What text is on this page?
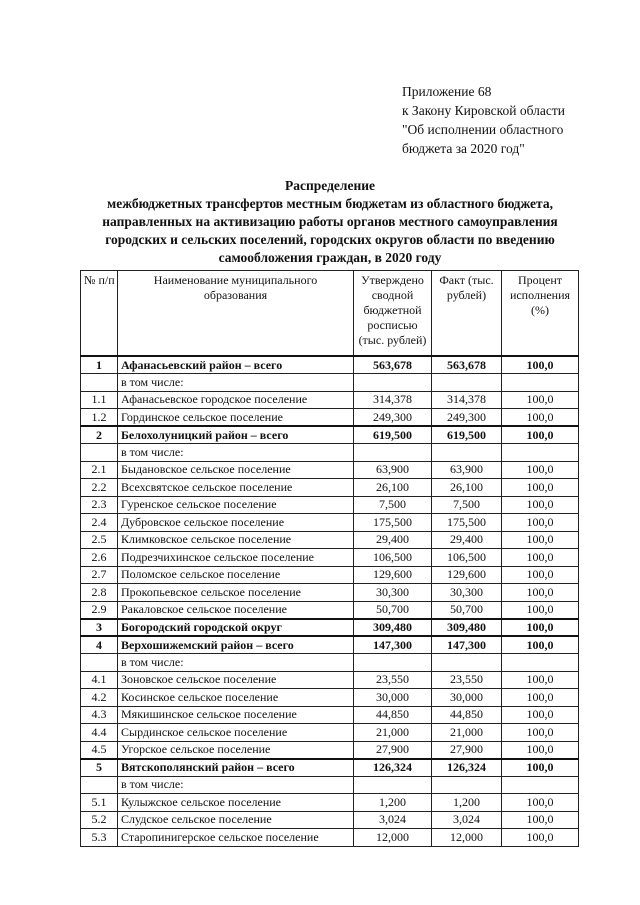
Приложение 68
к Закону Кировской области
"Об исполнении областного
бюджета за 2020 год"
Распределение
межбюджетных трансфертов местным бюджетам из областного бюджета,
направленных на активизацию работы органов местного самоуправления
городских и сельских поселений, городских округов области по введению
самообложения граждан, в 2020 году
№ п/п	Наименование муниципального образования	Утверждено сводной бюджетной росписью (тыс. рублей)	Факт (тыс. рублей)	Процент исполнения (%)
1	Афанасьевский район – всего	563,678	563,678	100,0
	в том числе:			
1.1	Афанасьевское городское поселение	314,378	314,378	100,0
1.2	Гординское сельское поселение	249,300	249,300	100,0
2	Белохолуницкий район – всего	619,500	619,500	100,0
	в том числе:			
2.1	Быдановское сельское поселение	63,900	63,900	100,0
2.2	Всехсвятское сельское поселение	26,100	26,100	100,0
2.3	Гуренское сельское поселение	7,500	7,500	100,0
2.4	Дубровское сельское поселение	175,500	175,500	100,0
2.5	Климковское сельское поселение	29,400	29,400	100,0
2.6	Подрезчихинское сельское поселение	106,500	106,500	100,0
2.7	Поломское сельское поселение	129,600	129,600	100,0
2.8	Прокопьевское сельское поселение	30,300	30,300	100,0
2.9	Ракаловское сельское поселение	50,700	50,700	100,0
3	Богородский городской округ	309,480	309,480	100,0
4	Верхошижемский район – всего	147,300	147,300	100,0
	в том числе:			
4.1	Зоновское сельское поселение	23,550	23,550	100,0
4.2	Косинское сельское поселение	30,000	30,000	100,0
4.3	Мякишинское сельское поселение	44,850	44,850	100,0
4.4	Сырдинское сельское поселение	21,000	21,000	100,0
4.5	Угорское сельское поселение	27,900	27,900	100,0
5	Вятскополянский район – всего	126,324	126,324	100,0
	в том числе:			
5.1	Кулыжское сельское поселение	1,200	1,200	100,0
5.2	Слудское сельское поселение	3,024	3,024	100,0
5.3	Старопинигерское сельское поселение	12,000	12,000	100,0
